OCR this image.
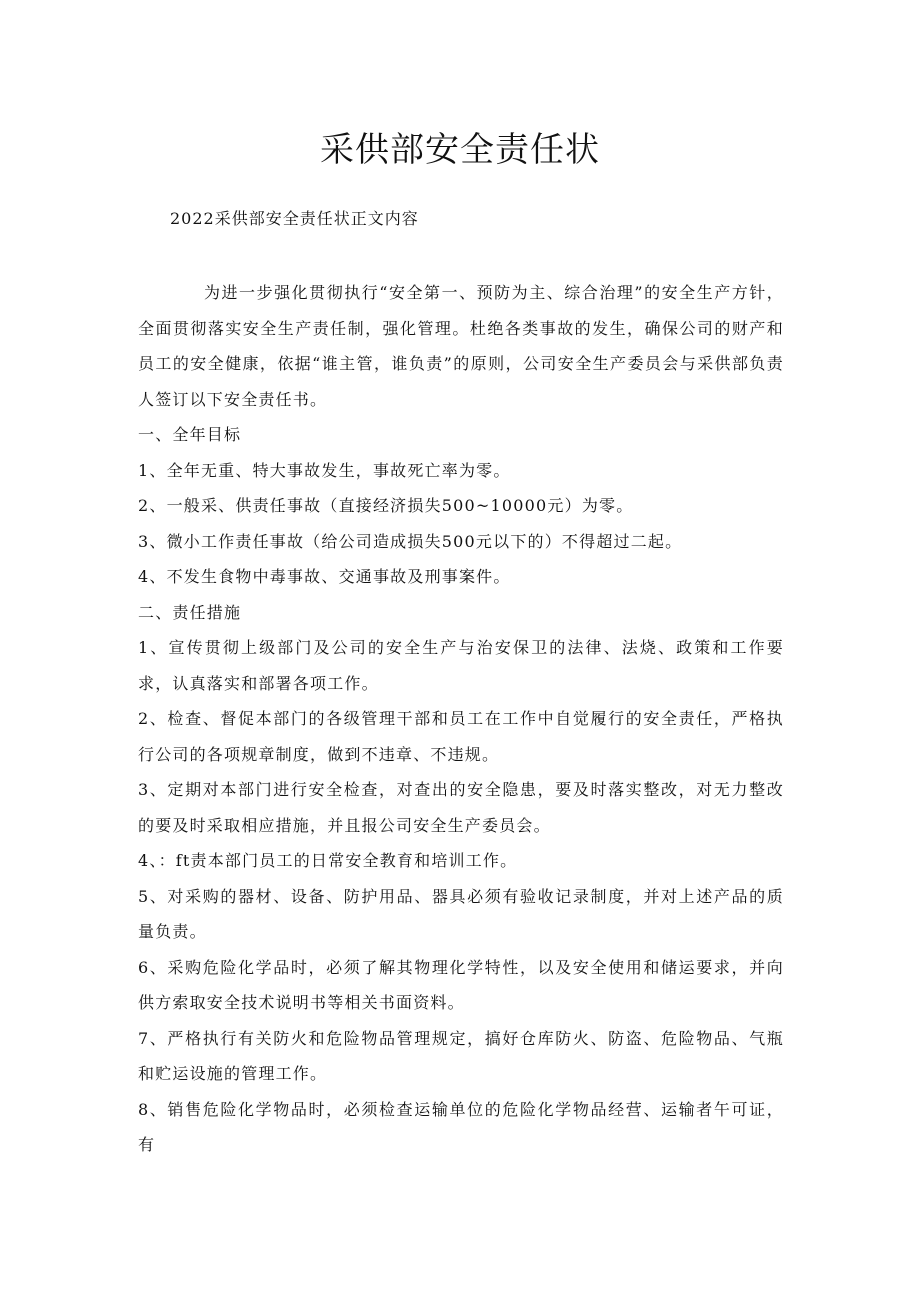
采供部安全责任状

2022采供部安全责任状正文内容

为进一步强化贯彻执行“安全第一、预防为主、综合治理”的安全生产方针，全面贯彻落实安全生产责任制，强化管理。杜绝各类事故的发生，确保公司的财产和员工的安全健康，依据“谁主管，谁负责”的原则，公司安全生产委员会与采供部负责人签订以下安全责任书。

一、全年目标

1、全年无重、特大事故发生，事故死亡率为零。

2、一般采、供责任事故（直接经济损失500~10000元）为零。

3、微小工作责任事故（给公司造成损失500元以下的）不得超过二起。

4、不发生食物中毒事故、交通事故及刑事案件。

二、责任措施

1、宣传贯彻上级部门及公司的安全生产与治安保卫的法律、法烧、政策和工作要求，认真落实和部署各项工作。

2、检查、督促本部门的各级管理干部和员工在工作中自觉履行的安全责任，严格执行公司的各项规章制度，做到不违章、不违规。

3、定期对本部门进行安全检查，对查出的安全隐患，要及时落实整改，对无力整改的要及时采取相应措施，并且报公司安全生产委员会。

4、：ft责本部门员工的日常安全教育和培训工作。

5、对采购的器材、设备、防护用品、器具必须有验收记录制度，并对上述产品的质量负责。

6、采购危险化学品时，必须了解其物理化学特性，以及安全使用和储运要求，并向供方索取安全技术说明书等相关书面资料。

7、严格执行有关防火和危险物品管理规定，搞好仓库防火、防盗、危险物品、气瓶和贮运设施的管理工作。

8、销售危险化学物品时，必须检查运输单位的危险化学物品经营、运输者午可证，有
